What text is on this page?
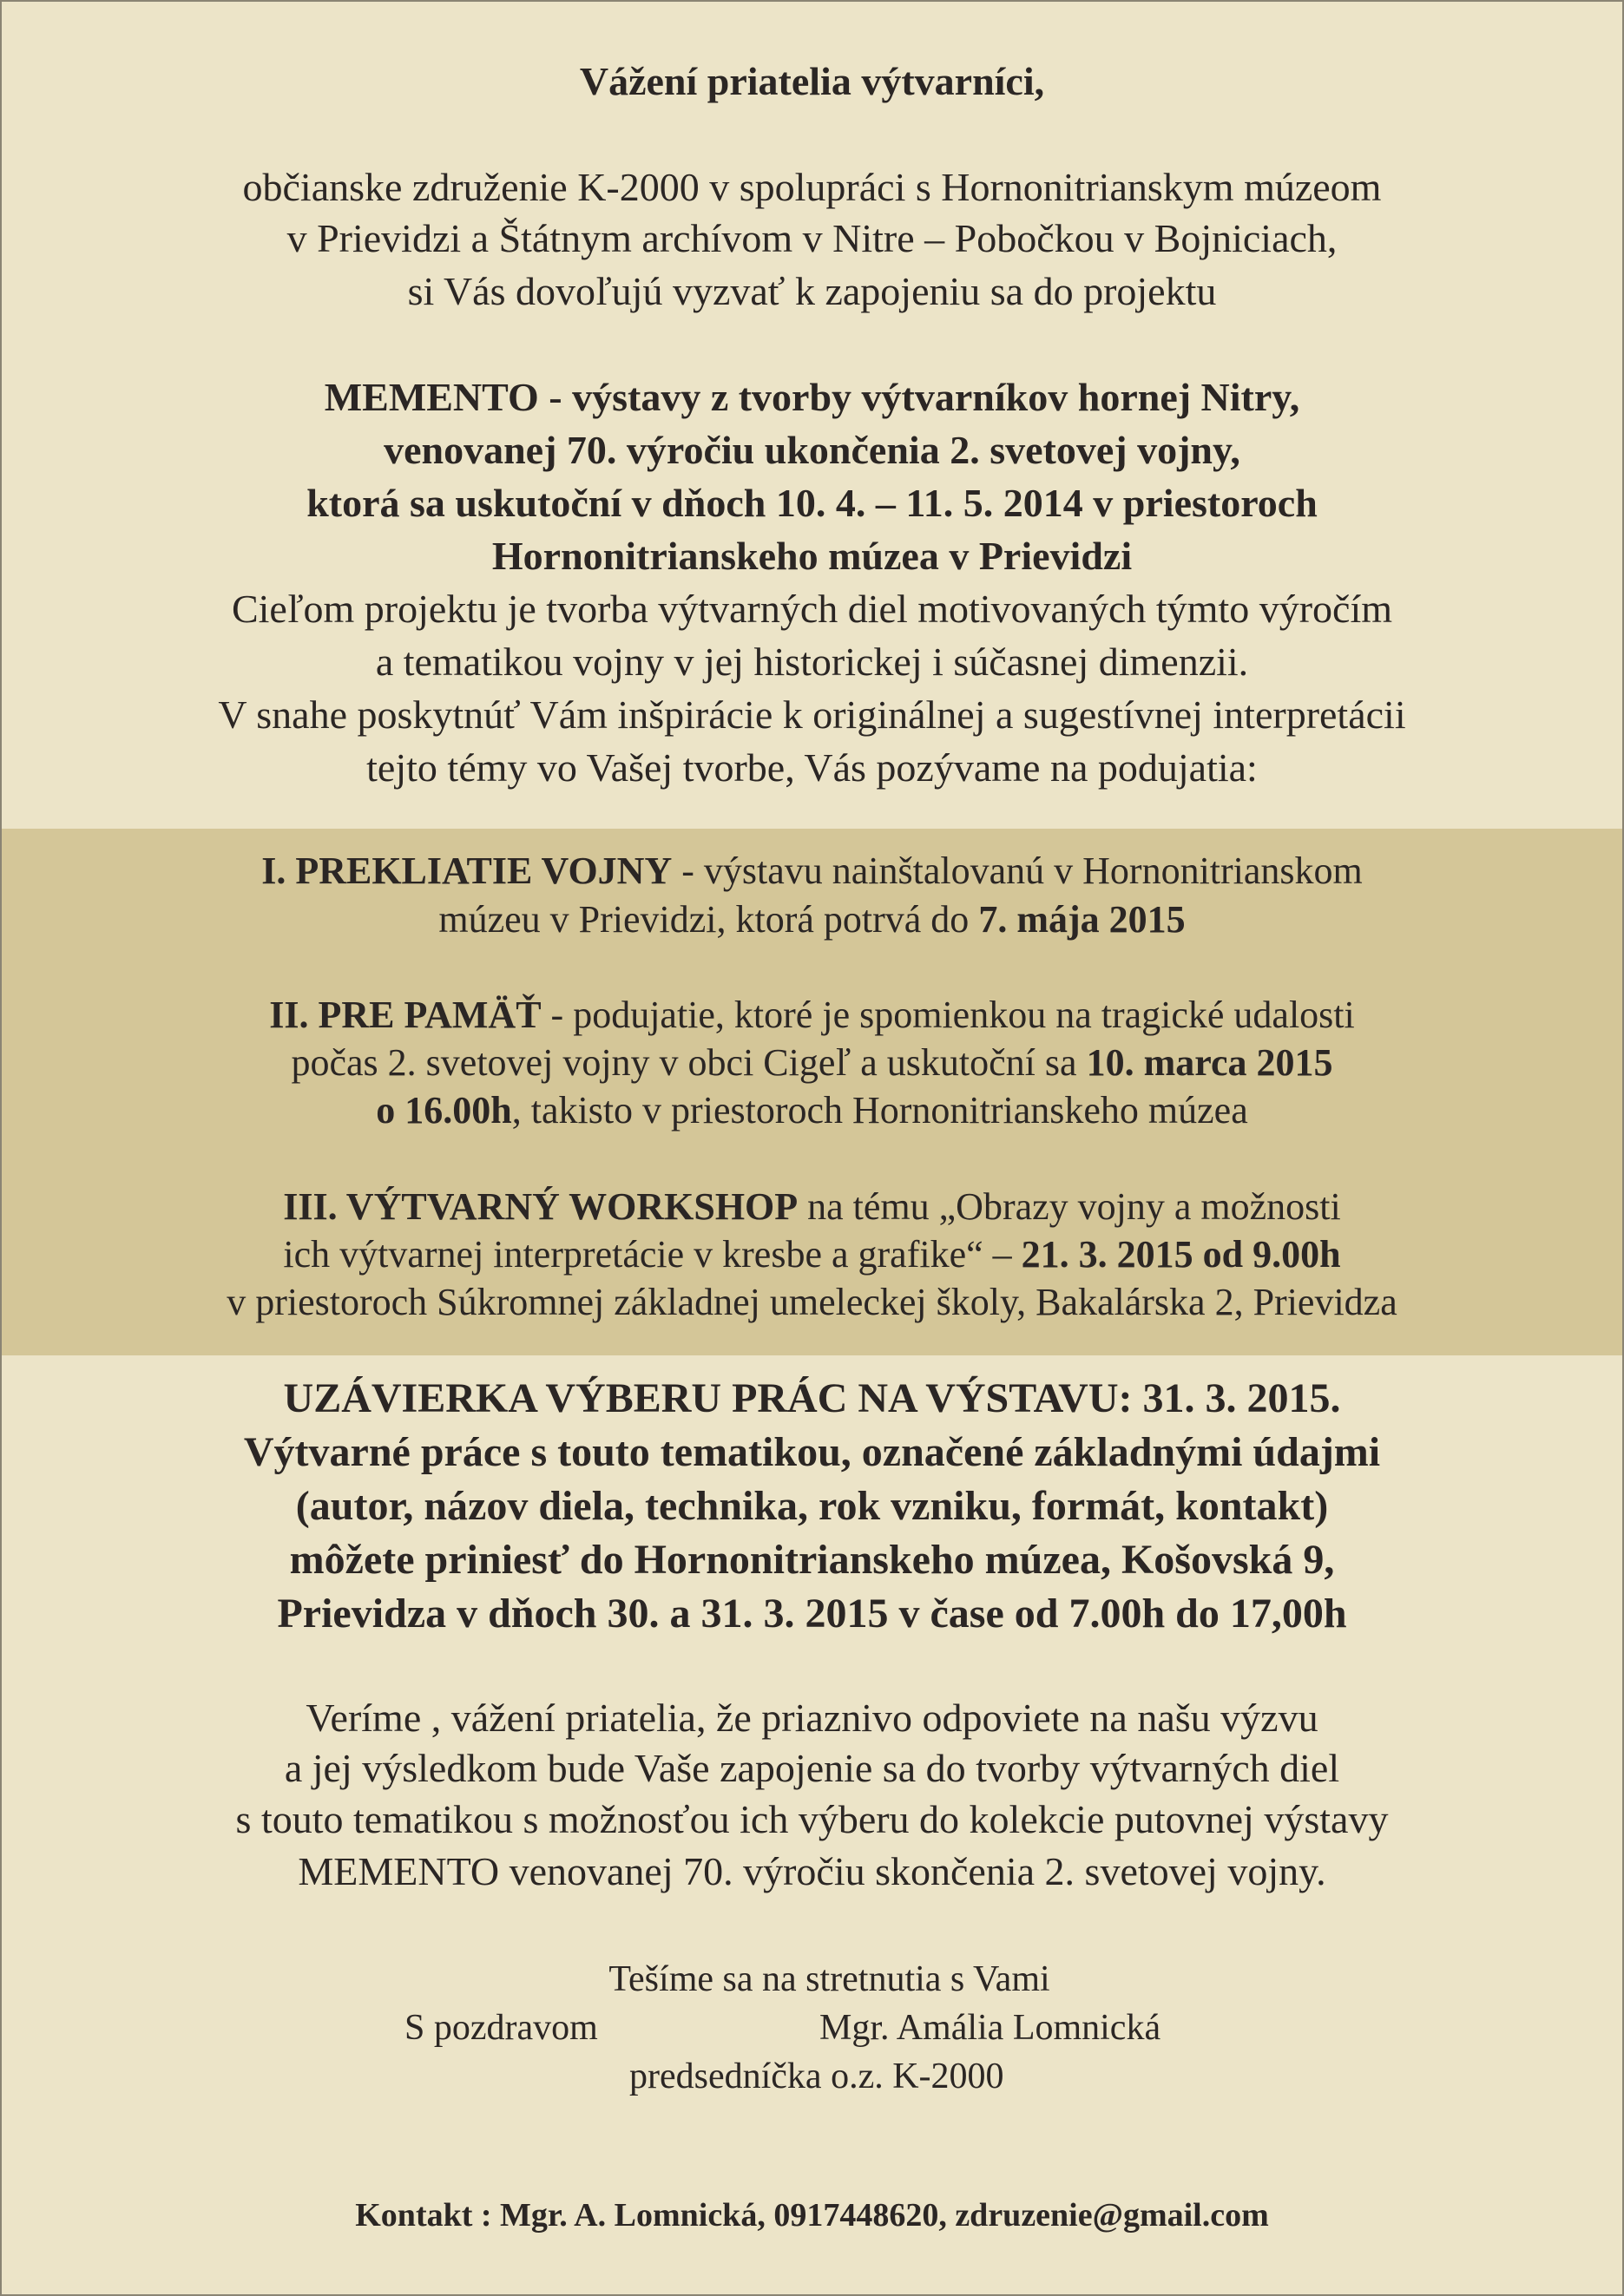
Vážení priatelia výtvarníci,
občianske združenie K-2000 v spolupráci s Hornonitrianskym múzeom
v Prievidzi a Štátnym archívom v Nitre – Pobočkou v Bojniciach,
si Vás dovoľujú vyzvať k zapojeniu sa do projektu
MEMENTO - výstavy z tvorby výtvarníkov hornej Nitry,
venovanej 70. výročiu ukončenia 2. svetovej vojny,
ktorá sa uskutoční v dňoch 10. 4. – 11. 5. 2014 v priestoroch
Hornonitrianskeho múzea v Prievidzi
Cieľom projektu je tvorba výtvarných diel motivovaných týmto výročím
a tematikou vojny v jej historickej i súčasnej dimenzii.
V snahe poskytnúť Vám inšpirácie k originálnej a sugestívnej interpretácii
tejto témy vo Vašej tvorbe, Vás pozývame na podujatia:
I. PREKLIATIE VOJNY - výstavu nainštalovanú v Hornonitrianskom
múzeu v Prievidzi, ktorá potrvá do 7. mája 2015
II. PRE PAMÄŤ - podujatie, ktoré je spomienkou na tragické udalosti
počas 2. svetovej vojny v obci Cigeľ a uskutoční sa 10. marca 2015
o 16.00h, takisto v priestoroch Hornonitrianskeho múzea
III. VÝTVARNÝ WORKSHOP na tému „Obrazy vojny a možnosti
ich výtvarnej interpretácie v kresbe a grafike“ – 21. 3. 2015 od 9.00h
v priestoroch Súkromnej základnej umeleckej školy, Bakalárska 2, Prievidza
UZÁVIERKA VÝBERU PRÁC NA VÝSTAVU: 31. 3. 2015.
Výtvarné práce s touto tematikou, označené základnými údajmi
(autor, názov diela, technika, rok vzniku, formát, kontakt)
môžete priniesť do Hornonitrianskeho múzea, Košovská 9,
Prievidza v dňoch 30. a 31. 3. 2015 v čase od 7.00h do 17,00h
Veríme , vážení priatelia, že priaznivo odpoviete na našu výzvu
a jej výsledkom bude Vaše zapojenie sa do tvorby výtvarných diel
s touto tematikou s možnosťou ich výberu do kolekcie putovnej výstavy
MEMENTO venovanej 70. výročiu skončenia 2. svetovej vojny.
Tešíme sa na stretnutia s Vami
S pozdravom	Mgr. Amália Lomnická
predsedníčka o.z. K-2000
Kontakt : Mgr. A. Lomnická, 0917448620, zdruzenie@gmail.com
